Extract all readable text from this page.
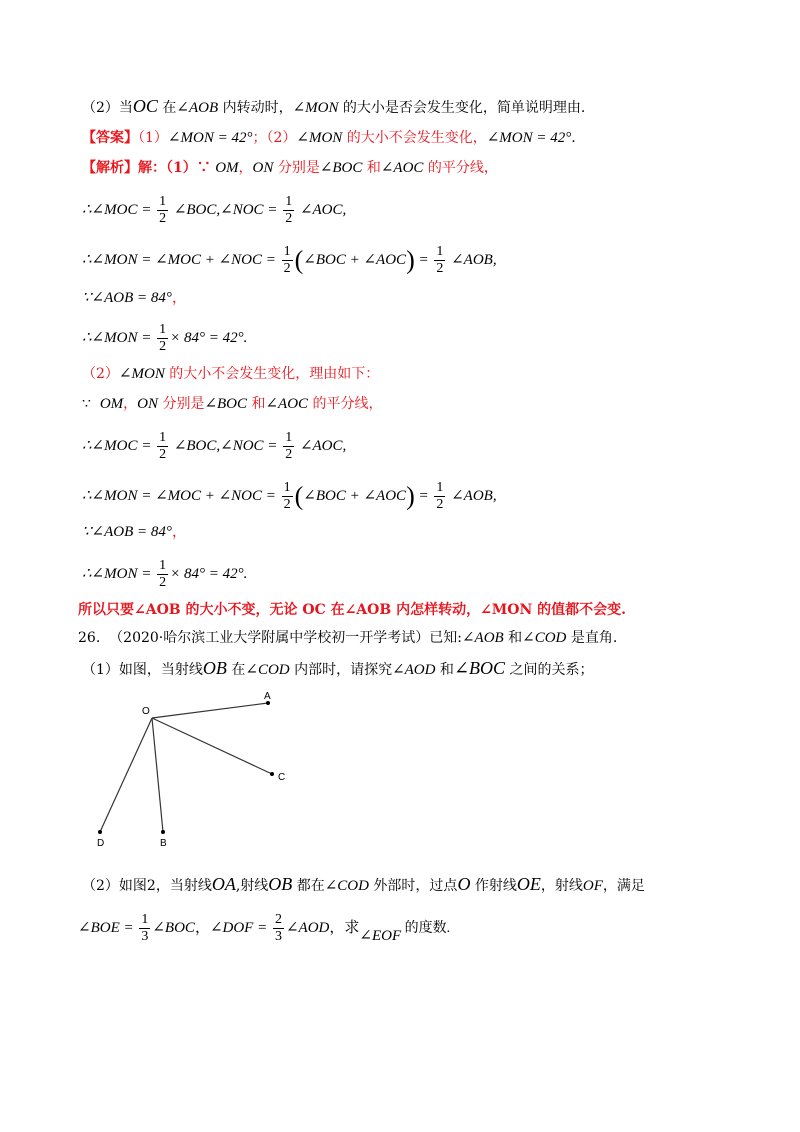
（2）当OC 在∠AOB 内转动时，∠MON 的大小是否会发生变化，简单说明理由.
【答案】（1）∠MON = 42°；（2）∠MON 的大小不会发生变化，∠MON = 42°.
【解析】解：（1）∵ OM，ON 分别是∠BOC 和∠AOC 的平分线，
∴∠MOC = $\frac{1}{2}$ ∠BOC,∠NOC = $\frac{1}{2}$ ∠AOC,
∴∠MON = ∠MOC + ∠NOC = $\frac{1}{2}$ (∠BOC + ∠AOC) = $\frac{1}{2}$ ∠AOB,
∵∠AOB = 84°，
∴∠MON = $\frac{1}{2} \times 84^\circ = 42^\circ$.
（2）∠MON 的大小不会发生变化，理由如下：
∵ OM，ON 分别是∠BOC 和∠AOC 的平分线，
∴∠MOC = $\frac{1}{2}$ ∠BOC,∠NOC = $\frac{1}{2}$ ∠AOC,
∴∠MON = ∠MOC + ∠NOC = $\frac{1}{2}$ (∠BOC + ∠AOC) = $\frac{1}{2}$ ∠AOB,
∵∠AOB = 84°，
∴∠MON = $\frac{1}{2} \times 84^\circ = 42^\circ$.
所以只要∠AOB 的大小不变，无论 OC 在∠AOB 内怎样转动，∠MON 的值都不会变.
26. （2020·哈尔滨工业大学附属中学校初一开学考试）已知:∠AOB 和∠COD 是直角.
（1）如图，当射线OB 在∠COD 内部时，请探究∠AOD 和∠BOC 之间的关系；
O
A
C
D	B
（2）如图2，当射线OA,射线OB 都在∠COD 外部时，过点O 作射线OE，射线OF，满足
∠BOE = $\frac{1}{3}$ ∠BOC，∠DOF = $\frac{2}{3}$ ∠AOD，求∠EOF 的度数.
